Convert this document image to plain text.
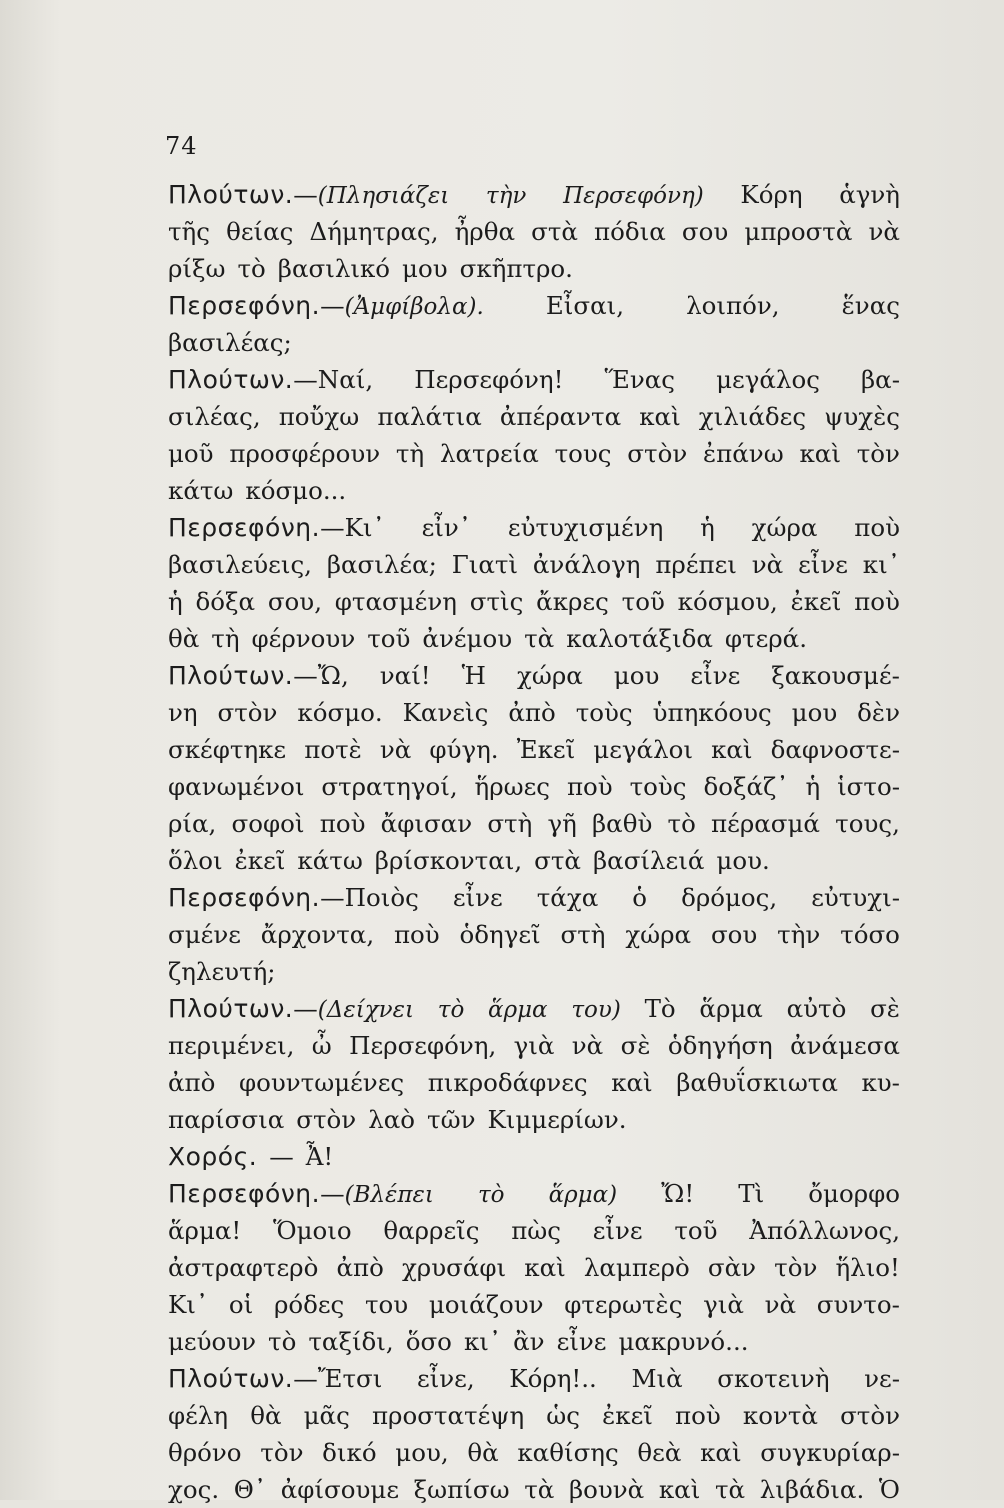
74
Πλούτων.—(Πλησιάζει τὴν Περσεφόνη) Κόρη ἁγνὴ
τῆς θείας Δήμητρας, ἦρθα στὰ πόδια σου μπροστὰ νὰ
ρίξω τὸ βασιλικό μου σκῆπτρο.
Περσεφόνη.—(Ἀμφίβολα).	Εἶσαι,	λοιπόν,	ἕνας
βασιλέας;
Πλούτων.—Ναί, Περσεφόνη! Ἕνας μεγάλος βα-
σιλέας, ποὔχω παλάτια ἀπέραντα καὶ χιλιάδες ψυχὲς
μοῦ προσφέρουν τὴ λατρεία τους στὸν ἐπάνω καὶ τὸν
κάτω κόσμο...
Περσεφόνη.—Κι᾽ εἶν᾽ εὐτυχισμένη ἡ χώρα ποὺ
βασιλεύεις, βασιλέα; Γιατὶ ἀνάλογη πρέπει νὰ εἶνε κι᾽
ἡ δόξα σου, φτασμένη στὶς ἄκρες τοῦ κόσμου, ἐκεῖ ποὺ
θὰ τὴ φέρνουν τοῦ ἀνέμου τὰ καλοτάξιδα φτερά.
Πλούτων.—Ὤ, ναί! Ἡ χώρα μου εἶνε ξακουσμέ-
νη στὸν κόσμο. Κανεὶς ἀπὸ τοὺς ὑπηκόους μου δὲν
σκέφτηκε ποτὲ νὰ φύγη. Ἐκεῖ μεγάλοι καὶ δαφνοστε-
φανωμένοι στρατηγοί, ἥρωες ποὺ τοὺς δοξάζ᾽ ἡ ἱστο-
ρία, σοφοὶ ποὺ ἄφισαν στὴ γῆ βαθὺ τὸ πέρασμά τους,
ὅλοι ἐκεῖ κάτω βρίσκονται, στὰ βασίλειά μου.
Περσεφόνη.—Ποιὸς εἶνε τάχα ὁ δρόμος, εὐτυχι-
σμένε ἄρχοντα, ποὺ ὁδηγεῖ στὴ χώρα σου τὴν τόσο
ζηλευτή;
Πλούτων.—(Δείχνει τὸ ἅρμα του) Τὸ ἅρμα αὐτὸ σὲ
περιμένει, ὦ Περσεφόνη, γιὰ νὰ σὲ ὁδηγήση ἀνάμεσα
ἀπὸ φουντωμένες πικροδάφνες καὶ βαθυΐσκιωτα κυ-
παρίσσια στὸν λαὸ τῶν Κιμμερίων.
Χορός. — Ἆ!
Περσεφόνη.—(Βλέπει τὸ ἅρμα) Ὤ! Τὶ ὄμορφο
ἅρμα! Ὅμοιο θαρρεῖς πὼς εἶνε τοῦ Ἀπόλλωνος,
ἀστραφτερὸ ἀπὸ χρυσάφι καὶ λαμπερὸ σὰν τὸν ἥλιο!
Κι᾽ οἱ ρόδες του μοιάζουν φτερωτὲς γιὰ νὰ συντο-
μεύουν τὸ ταξίδι, ὅσο κι᾽ ἂν εἶνε μακρυνό...
Πλούτων.—Ἔτσι εἶνε, Κόρη!.. Μιὰ σκοτεινὴ νε-
φέλη θὰ μᾶς προστατέψη ὡς ἐκεῖ ποὺ κοντὰ στὸν
θρόνο τὸν δικό μου, θὰ καθίσης θεὰ καὶ συγκυρίαρ-
χος. Θ᾽ ἀφίσουμε ξωπίσω τὰ βουνὰ καὶ τὰ λιβάδια. Ὁ
